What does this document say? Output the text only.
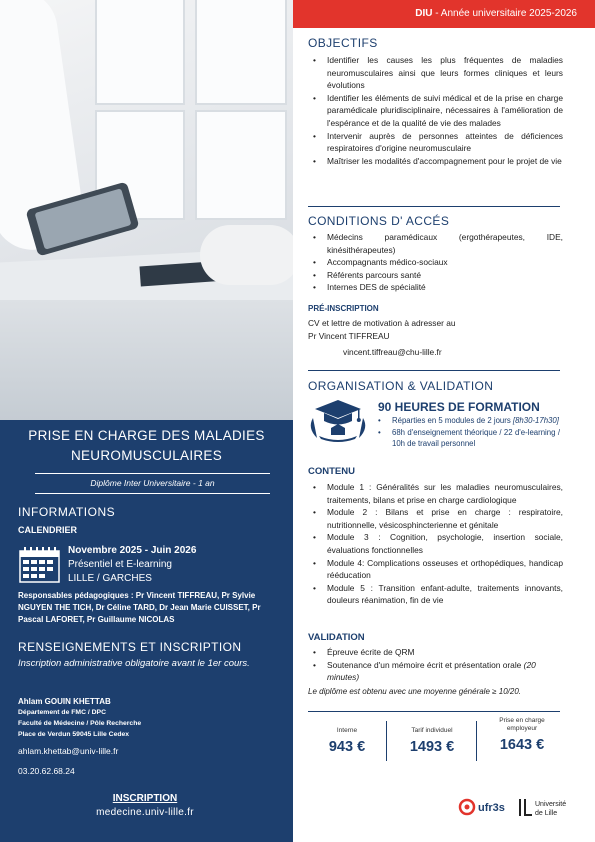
PRISE EN CHARGE DES MALADIES
NEUROMUSCULAIRES
Diplôme Inter Universitaire - 1 an
INFORMATIONS
CALENDRIER
Novembre 2025 - Juin 2026
Présentiel et E-learning
LILLE / GARCHES
Responsables pédagogiques : Pr Vincent TIFFREAU, Pr Sylvie NGUYEN THE TICH, Dr Céline TARD, Dr Jean Marie CUISSET, Pr Pascal LAFORET, Pr Guillaume NICOLAS
RENSEIGNEMENTS ET INSCRIPTION
Inscription administrative obligatoire avant le 1er cours.
Ahlam GOUIN KHETTAB
Département de FMC / DPC
Faculté de Médecine / Pôle Recherche
Place de Verdun 59045 Lille Cedex
ahlam.khettab@univ-lille.fr
03.20.62.68.24
INSCRIPTION
medecine.univ-lille.fr
DIU - Année universitaire 2025-2026
OBJECTIFS
• Identifier les causes les plus fréquentes de maladies neuromusculaires ainsi que leurs formes cliniques et leurs évolutions
• Identifier les éléments de suivi médical et de la prise en charge paramédicale pluridisciplinaire, nécessaires à l'amélioration de l'espérance et de la qualité de vie des malades
• Intervenir auprès de personnes atteintes de déficiences respiratoires d'origine neuromusculaire
• Maîtriser les modalités d'accompagnement pour le projet de vie
CONDITIONS D' ACCÉS
• Médecins paramédicaux (ergothérapeutes, IDE, kinésithérapeutes)
• Accompagnants médico-sociaux
• Référents parcours santé
• Internes DES de spécialité
PRÉ-INSCRIPTION
CV et lettre de motivation à adresser au
Pr Vincent TIFFREAU
vincent.tiffreau@chu-lille.fr
ORGANISATION & VALIDATION
90 HEURES DE FORMATION
• Réparties en 5 modules de 2 jours [8h30-17h30]
• 68h d'enseignement théorique / 22 d'e-learning / 10h de travail personnel
CONTENU
• Module 1 : Généralités sur les maladies neuromusculaires, traitements, bilans et prise en charge cardiologique
• Module 2 : Bilans et prise en charge : respiratoire, nutritionnelle, vésicosphincterienne et génitale
• Module 3 : Cognition, psychologie, insertion sociale, évaluations fonctionnelles
• Module 4: Complications osseuses et orthopédiques, handicap rééducation
• Module 5 : Transition enfant-adulte, traitements innovants, douleurs réanimation, fin de vie
VALIDATION
• Épreuve écrite de QRM
• Soutenance d'un mémoire écrit et présentation orale (20 minutes)
Le diplôme est obtenu avec une moyenne générale ≥ 10/20.
Interne
943 €
Tarif individuel
1493 €
Prise en charge employeur
1643 €
ufr3s	Université
de Lille
